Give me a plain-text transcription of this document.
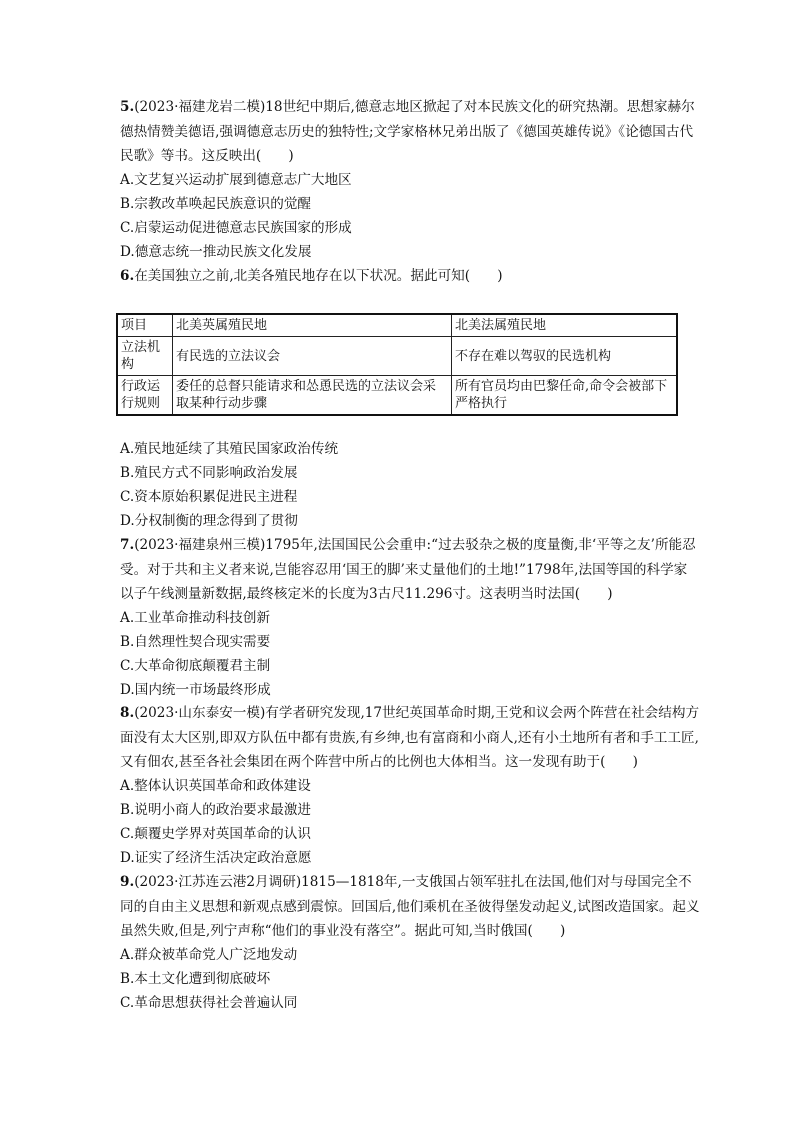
5.(2023·福建龙岩二模)18世纪中期后,德意志地区掀起了对本民族文化的研究热潮。思想家赫尔德热情赞美德语,强调德意志历史的独特性;文学家格林兄弟出版了《德国英雄传说》《论德国古代民歌》等书。这反映出(　　)
A.文艺复兴运动扩展到德意志广大地区
B.宗教改革唤起民族意识的觉醒
C.启蒙运动促进德意志民族国家的形成
D.德意志统一推动民族文化发展
6.在美国独立之前,北美各殖民地存在以下状况。据此可知(　　)
项目	北美英属殖民地	北美法属殖民地
立法机构	有民选的立法议会	不存在难以驾驭的民选机构
行政运行规则	委任的总督只能请求和怂恿民选的立法议会采取某种行动步骤	所有官员均由巴黎任命,命令会被部下严格执行
A.殖民地延续了其殖民国家政治传统
B.殖民方式不同影响政治发展
C.资本原始积累促进民主进程
D.分权制衡的理念得到了贯彻
7.(2023·福建泉州三模)1795年,法国国民公会重申:“过去驳杂之极的度量衡,非‘平等之友’所能忍受。对于共和主义者来说,岂能容忍用‘国王的脚’来丈量他们的土地!”1798年,法国等国的科学家以子午线测量新数据,最终核定米的长度为3古尺11.296寸。这表明当时法国(　　)
A.工业革命推动科技创新
B.自然理性契合现实需要
C.大革命彻底颠覆君主制
D.国内统一市场最终形成
8.(2023·山东泰安一模)有学者研究发现,17世纪英国革命时期,王党和议会两个阵营在社会结构方面没有太大区别,即双方队伍中都有贵族,有乡绅,也有富商和小商人,还有小土地所有者和手工工匠,又有佃农,甚至各社会集团在两个阵营中所占的比例也大体相当。这一发现有助于(　　)
A.整体认识英国革命和政体建设
B.说明小商人的政治要求最激进
C.颠覆史学界对英国革命的认识
D.证实了经济生活决定政治意愿
9.(2023·江苏连云港2月调研)1815—1818年,一支俄国占领军驻扎在法国,他们对与母国完全不同的自由主义思想和新观点感到震惊。回国后,他们乘机在圣彼得堡发动起义,试图改造国家。起义虽然失败,但是,列宁声称“他们的事业没有落空”。据此可知,当时俄国(　　)
A.群众被革命党人广泛地发动
B.本土文化遭到彻底破坏
C.革命思想获得社会普遍认同
